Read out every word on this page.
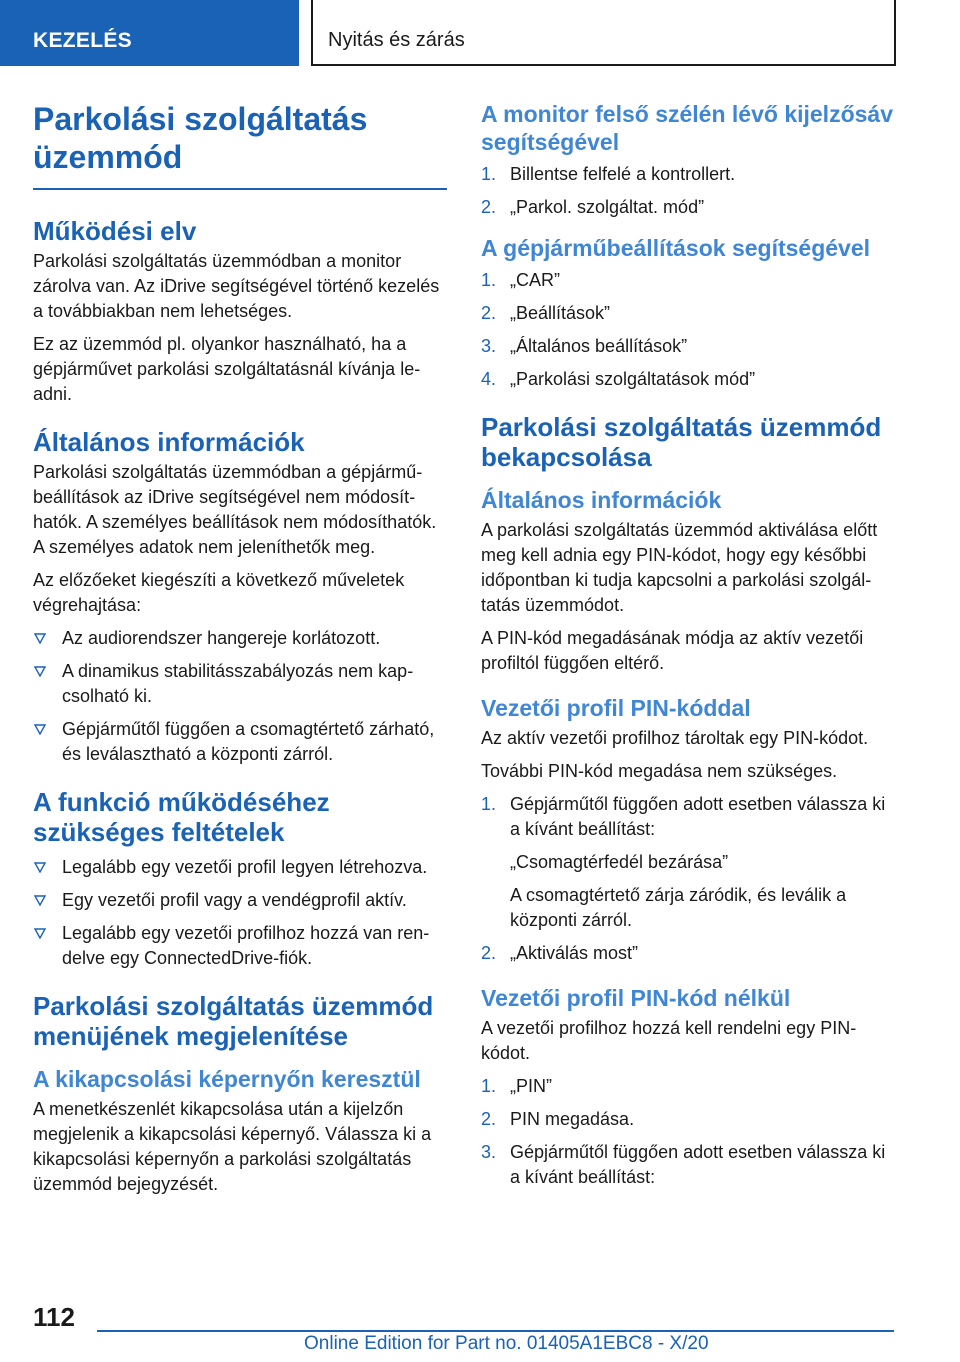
KEZELÉS	Nyitás és zárás
Parkolási szolgáltatás üzemmód
Működési elv

Parkolási szolgáltatás üzemmódban a monitor zárolva van. Az iDrive segítségével történő kezelés a továbbiakban nem lehetséges.

Ez az üzemmód pl. olyankor használható, ha a gépjárművet parkolási szolgáltatásnál kívánja leadni.

Általános információk

Parkolási szolgáltatás üzemmódban a gépjárműbeállítások az iDrive segítségével nem módosíthatók. A személyes beállítások nem módosíthatók. A személyes adatok nem jeleníthetők meg.

Az előzőeket kiegészíti a következő műveletek végrehajtása:

Az audiorendszer hangereje korlátozott.
A dinamikus stabilitásszabályozás nem kapcsolható ki.
Gépjárműtől függően a csomagtértető zárható, és leválasztható a központi zárról.
A funkció működéséhez szükséges feltételek
Legalább egy vezetői profil legyen létrehozva.
Egy vezetői profil vagy a vendégprofil aktív.
Legalább egy vezetői profilhoz hozzá van rendelve egy ConnectedDrive-fiók.
Parkolási szolgáltatás üzemmód menüjének megjelenítése
A kikapcsolási képernyőn keresztül

A menetkészenlét kikapcsolása után a kijelzőn megjelenik a kikapcsolási képernyő. Válassza ki a kikapcsolási képernyőn a parkolási szolgáltatás üzemmód bejegyzését.

A monitor felső szélén lévő kijelzősáv segítségével
1. Billentse felfelé a kontrollert.
2. „Parkol. szolgáltat. mód”
A gépjárműbeállítások segítségével
1. „CAR”
2. „Beállítások”
3. „Általános beállítások”
4. „Parkolási szolgáltatások mód”
Parkolási szolgáltatás üzemmód bekapcsolása
Általános információk

A parkolási szolgáltatás üzemmód aktiválása előtt meg kell adnia egy PIN-kódot, hogy egy későbbi időpontban ki tudja kapcsolni a parkolási szolgáltatás üzemmódot.

A PIN-kód megadásának módja az aktív vezetői profiltól függően eltérő.

Vezetői profil PIN-kóddal

Az aktív vezetői profilhoz tároltak egy PIN-kódot.

További PIN-kód megadása nem szükséges.

1. Gépjárműtől függően adott esetben válassza ki a kívánt beállítást:
„Csomagtérfedél bezárása”
A csomagtértető zárja záródik, és leválik a központi zárról.
2. „Aktiválás most”
Vezetői profil PIN-kód nélkül

A vezetői profilhoz hozzá kell rendelni egy PIN-kódot.

1. „PIN”
2. PIN megadása.
3. Gépjárműtől függően adott esetben válassza ki a kívánt beállítást:
112
Online Edition for Part no. 01405A1EBC8 - X/20
